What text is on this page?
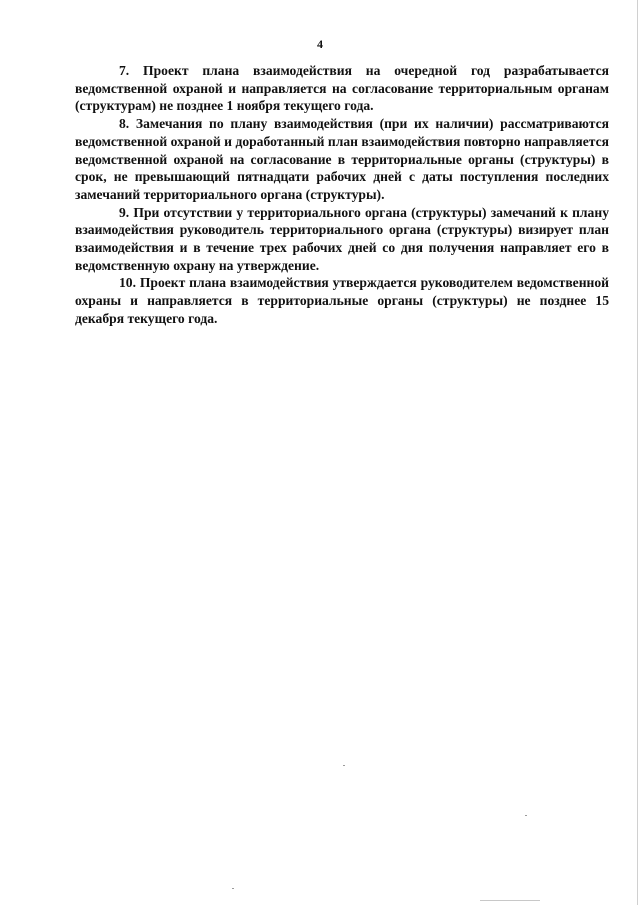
4

7. Проект плана взаимодействия на очередной год разрабатывается ведомственной охраной и направляется на согласование территориальным органам (структурам) не позднее 1 ноября текущего года.

8. Замечания по плану взаимодействия (при их наличии) рассматриваются ведомственной охраной и доработанный план взаимодействия повторно направляется ведомственной охраной на согласование в территориальные органы (структуры) в срок, не превышающий пятнадцати рабочих дней с даты поступления последних замечаний территориального органа (структуры).

9. При отсутствии у территориального органа (структуры) замечаний к плану взаимодействия руководитель территориального органа (структуры) визирует план взаимодействия и в течение трех рабочих дней со дня получения направляет его в ведомственную охрану на утверждение.

10. Проект плана взаимодействия утверждается руководителем ведомственной охраны и направляется в территориальные органы (структуры) не позднее 15 декабря текущего года.
